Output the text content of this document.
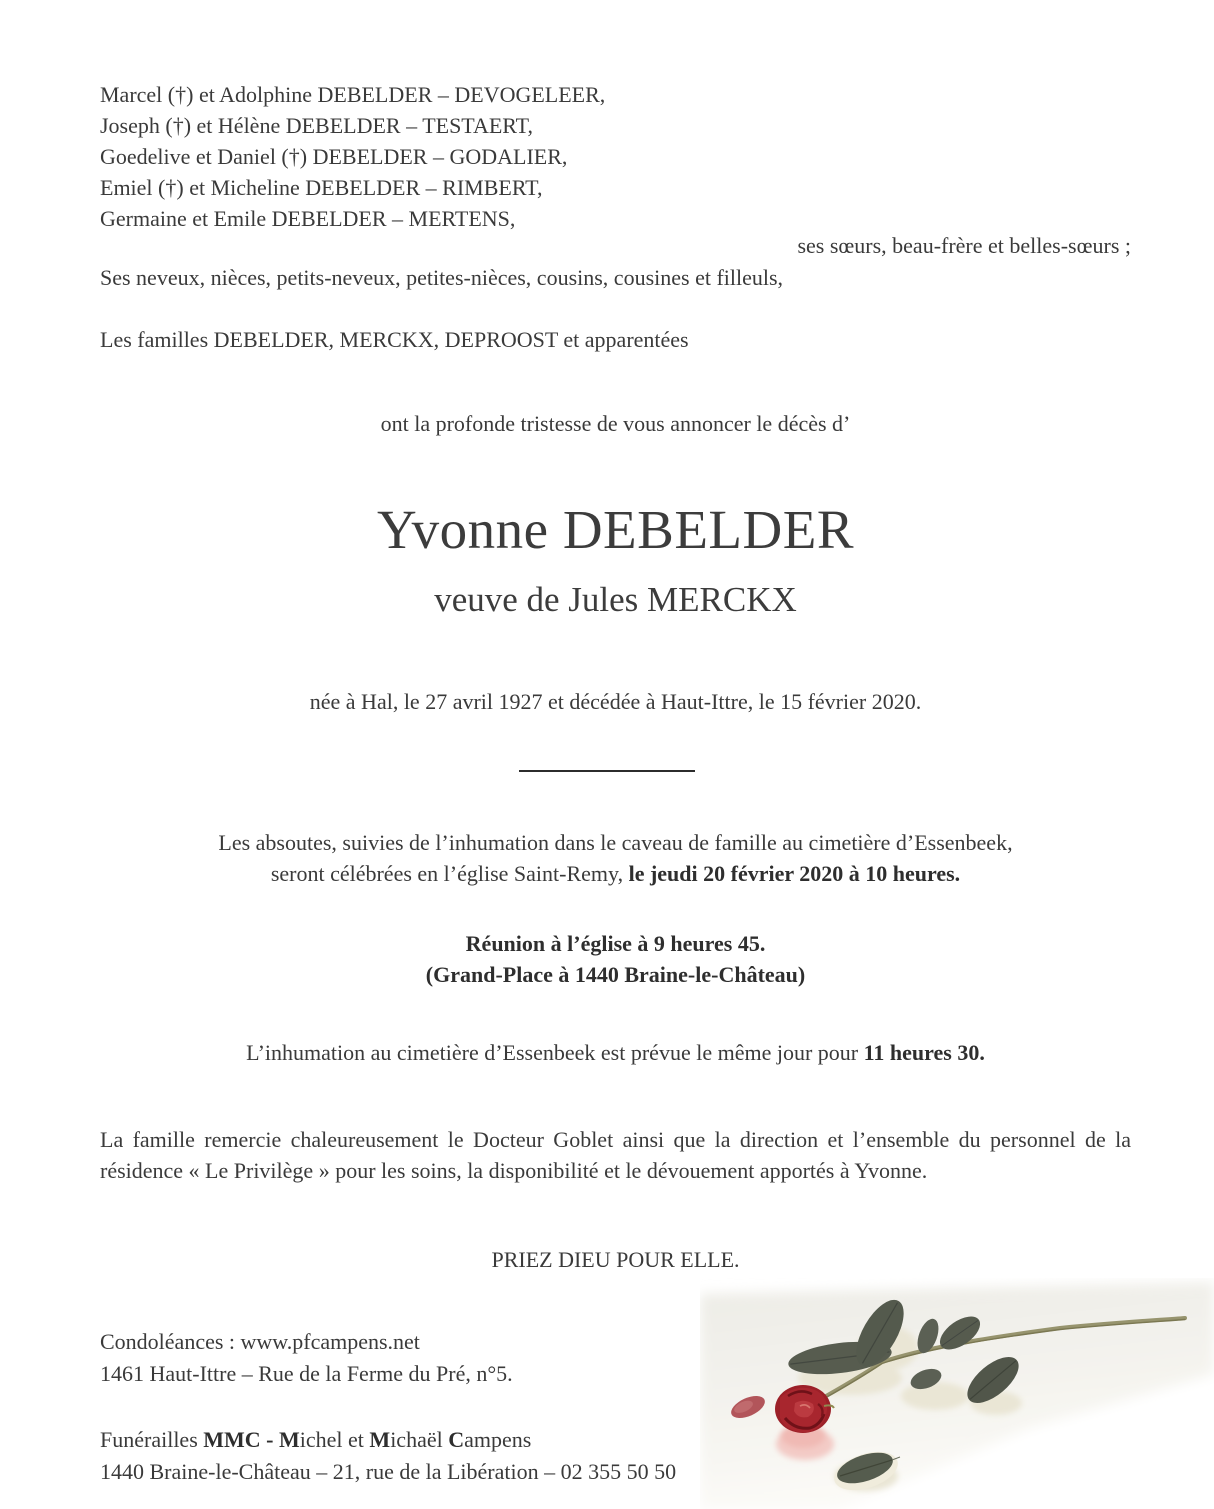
Marcel (†) et Adolphine DEBELDER – DEVOGELEER,
Joseph (†) et Hélène DEBELDER – TESTAERT,
Goedelive et Daniel (†) DEBELDER – GODALIER,
Emiel (†) et Micheline DEBELDER – RIMBERT,
Germaine et Emile DEBELDER – MERTENS,
ses sœurs, beau-frère et belles-sœurs ;
Ses neveux, nièces, petits-neveux, petites-nièces, cousins, cousines et filleuls,
Les familles DEBELDER, MERCKX, DEPROOST et apparentées
ont la profonde tristesse de vous annoncer le décès d’
Yvonne DEBELDER
veuve de Jules MERCKX
née à Hal, le 27 avril 1927 et décédée à Haut-Ittre, le 15 février 2020.
Les absoutes, suivies de l’inhumation dans le caveau de famille au cimetière d’Essenbeek,
seront célébrées en l’église Saint-Remy, le jeudi 20 février 2020 à 10 heures.
Réunion à l’église à 9 heures 45.
(Grand-Place à 1440 Braine-le-Château)
L’inhumation au cimetière d’Essenbeek est prévue le même jour pour 11 heures 30.
La famille remercie chaleureusement le Docteur Goblet ainsi que la direction et l’ensemble du personnel de la
résidence « Le Privilège » pour les soins, la disponibilité et le dévouement apportés à Yvonne.
PRIEZ DIEU POUR ELLE.
Condoléances : www.pfcampens.net
1461 Haut-Ittre – Rue de la Ferme du Pré, n°5.
Funérailles MMC - Michel et Michaël Campens
1440 Braine-le-Château – 21, rue de la Libération – 02 355 50 50
